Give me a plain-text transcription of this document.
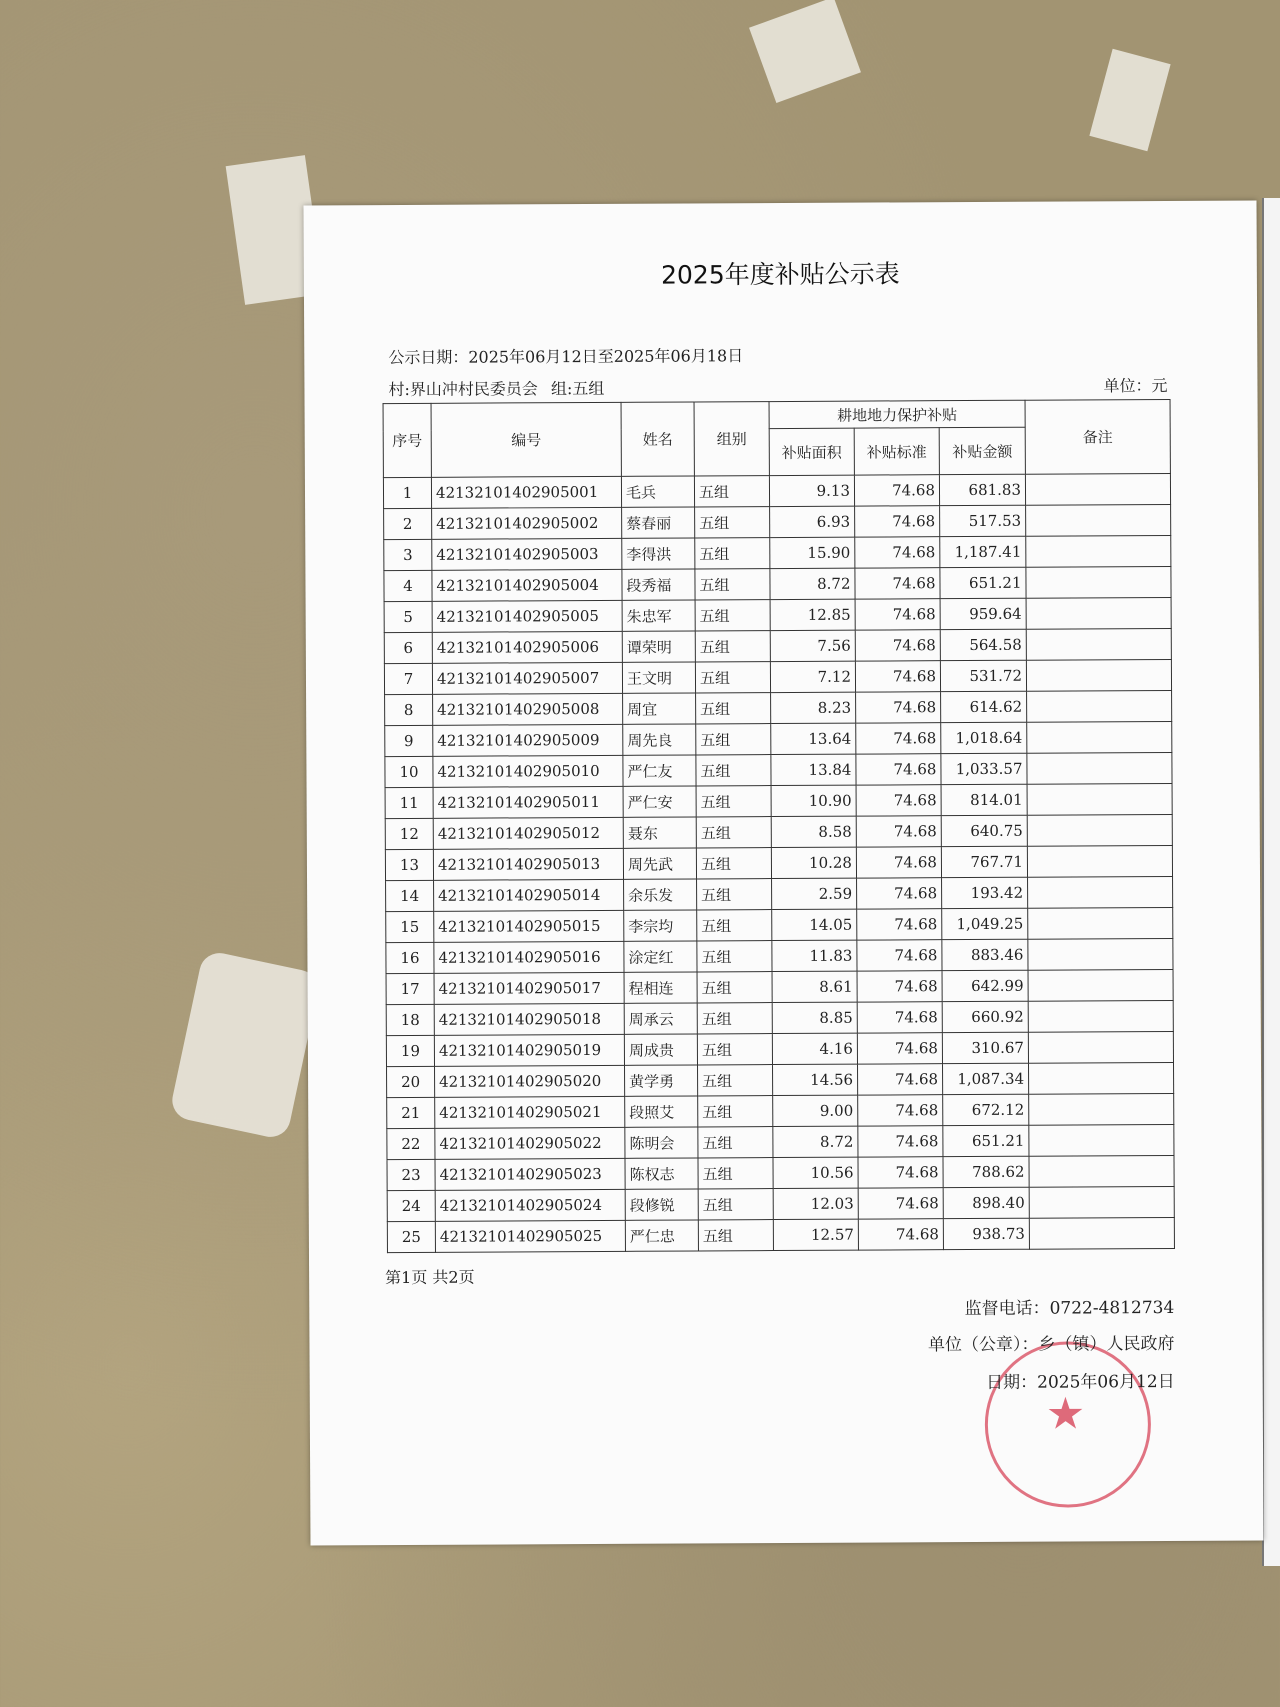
2025年度补贴公示表
公示日期：2025年06月12日至2025年06月18日
村:界山冲村民委员会 组:五组	单位：元
序号	编号	姓名	组别	耕地地力保护补贴			备注
				补贴面积	补贴标准	补贴金额	
1	42132101402905001	毛兵	五组	9.13	74.68	681.83	
2	42132101402905002	蔡春丽	五组	6.93	74.68	517.53	
3	42132101402905003	李得洪	五组	15.90	74.68	1,187.41	
4	42132101402905004	段秀福	五组	8.72	74.68	651.21	
5	42132101402905005	朱忠军	五组	12.85	74.68	959.64	
6	42132101402905006	谭荣明	五组	7.56	74.68	564.58	
7	42132101402905007	王文明	五组	7.12	74.68	531.72	
8	42132101402905008	周宜	五组	8.23	74.68	614.62	
9	42132101402905009	周先良	五组	13.64	74.68	1,018.64	
10	42132101402905010	严仁友	五组	13.84	74.68	1,033.57	
11	42132101402905011	严仁安	五组	10.90	74.68	814.01	
12	42132101402905012	聂东	五组	8.58	74.68	640.75	
13	42132101402905013	周先武	五组	10.28	74.68	767.71	
14	42132101402905014	余乐发	五组	2.59	74.68	193.42	
15	42132101402905015	李宗均	五组	14.05	74.68	1,049.25	
16	42132101402905016	涂定红	五组	11.83	74.68	883.46	
17	42132101402905017	程相连	五组	8.61	74.68	642.99	
18	42132101402905018	周承云	五组	8.85	74.68	660.92	
19	42132101402905019	周成贵	五组	4.16	74.68	310.67	
20	42132101402905020	黄学勇	五组	14.56	74.68	1,087.34	
21	42132101402905021	段照艾	五组	9.00	74.68	672.12	
22	42132101402905022	陈明会	五组	8.72	74.68	651.21	
23	42132101402905023	陈权志	五组	10.56	74.68	788.62	
24	42132101402905024	段修锐	五组	12.03	74.68	898.40	
25	42132101402905025	严仁忠	五组	12.57	74.68	938.73	
第1页 共2页
★
监督电话：0722-4812734
单位（公章）：乡（镇）人民政府
日期：2025年06月12日
